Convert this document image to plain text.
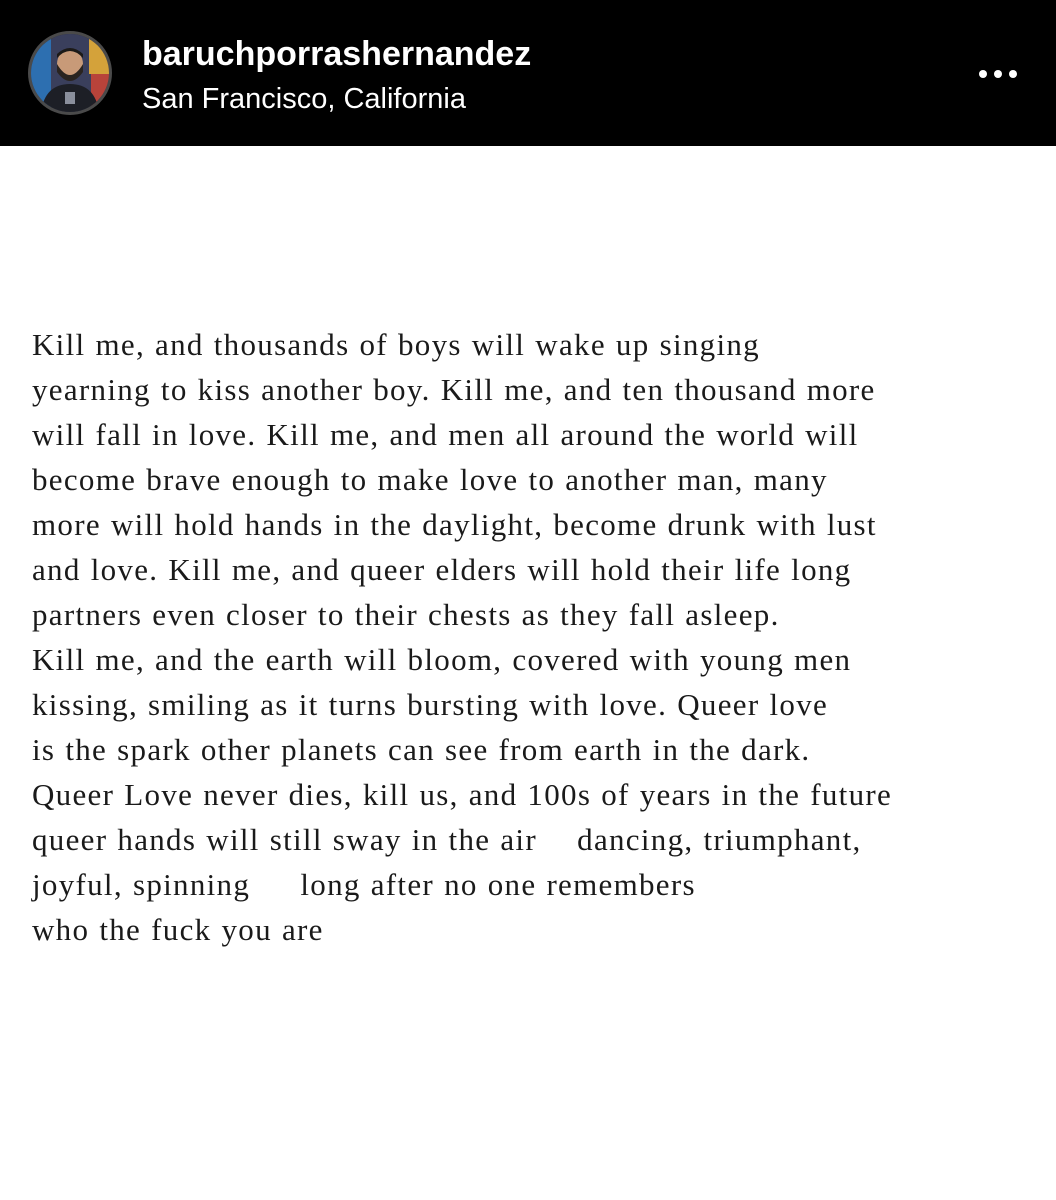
baruchporrashernandez
San Francisco, California
Kill me, and thousands of boys will wake up singing
yearning to kiss another boy. Kill me, and ten thousand more
will fall in love. Kill me, and men all around the world will
become brave enough to make love to another man, many
more will hold hands in the daylight, become drunk with lust
and love. Kill me, and queer elders will hold their life long
partners even closer to their chests as they fall asleep.
Kill me, and the earth will bloom, covered with young men
kissing, smiling as it turns bursting with love. Queer love
is the spark other planets can see from earth in the dark.
Queer Love never dies, kill us, and 100s of years in the future
queer hands will still sway in the air    dancing, triumphant,
joyful, spinning     long after no one remembers
who the fuck you are
